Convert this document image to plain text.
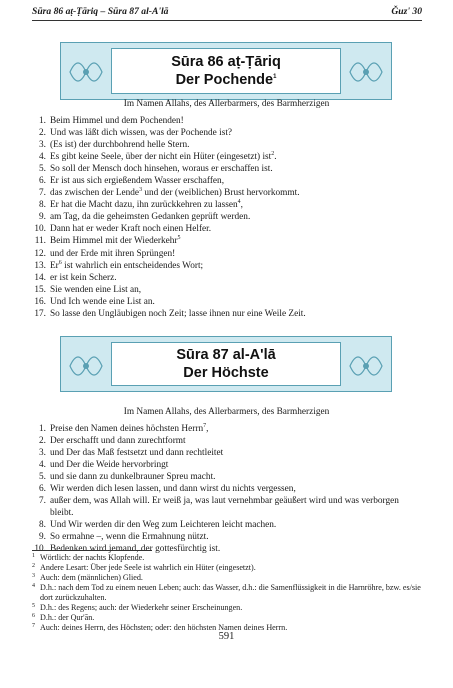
Sūra 86 aṭ-Ṭāriq – Sūra 87 al-A'lā	Ǧuz' 30
Sūra 86 aṭ-Ṭāriq
Der Pochende$^1$
Im Namen Allahs, des Allerbarmers, des Barmherzigen
1. Beim Himmel und dem Pochenden!
2. Und was läßt dich wissen, was der Pochende ist?
3. (Es ist) der durchbohrend helle Stern.
4. Es gibt keine Seele, über der nicht ein Hüter (eingesetzt) ist$^2$.
5. So soll der Mensch doch hinsehen, woraus er erschaffen ist.
6. Er ist aus sich ergießendem Wasser erschaffen,
7. das zwischen der Lende$^3$ und der (weiblichen) Brust hervorkommt.
8. Er hat die Macht dazu, ihn zurückkehren zu lassen$^4$,
9. am Tag, da die geheimsten Gedanken geprüft werden.
10. Dann hat er weder Kraft noch einen Helfer.
11. Beim Himmel mit der Wiederkehr$^5$
12. und der Erde mit ihren Sprüngen!
13. Er$^6$ ist wahrlich ein entscheidendes Wort;
14. er ist kein Scherz.
15. Sie wenden eine List an,
16. Und Ich wende eine List an.
17. So lasse den Ungläubigen noch Zeit; lasse ihnen nur eine Weile Zeit.
Sūra 87 al-A'lā
Der Höchste
Im Namen Allahs, des Allerbarmers, des Barmherzigen
1. Preise den Namen deines höchsten Herrn$^7$,
2. Der erschafft und dann zurechtformt
3. und Der das Maß festsetzt und dann rechtleitet
4. und Der die Weide hervorbringt
5. und sie dann zu dunkelbrauner Spreu macht.
6. Wir werden dich lesen lassen, und dann wirst du nichts vergessen,
7. außer dem, was Allah will. Er weiß ja, was laut vernehmbar geäußert wird und was verborgen bleibt.
8. Und Wir werden dir den Weg zum Leichteren leicht machen.
9. So ermahne –, wenn die Ermahnung nützt.
10. Bedenken wird jemand, der gottesfürchtig ist.
1 Wörtlich: der nachts Klopfende.
2 Andere Lesart: Über jede Seele ist wahrlich ein Hüter (eingesetzt).
3 Auch: dem (männlichen) Glied.
4 D.h.: nach dem Tod zu einem neuen Leben; auch: das Wasser, d.h.: die Samenflüssigkeit in die Harnröhre, bzw. es/sie dort zurückzuhalten.
5 D.h.: des Regens; auch: der Wiederkehr seiner Erscheinungen.
6 D.h.: der Qur'ān.
7 Auch: deines Herrn, des Höchsten; oder: den höchsten Namen deines Herrn.
591
